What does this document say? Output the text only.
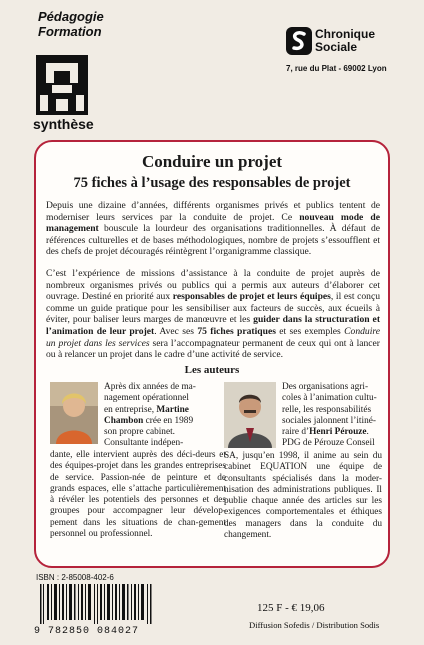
Pédagogie
Formation
synthèse
Chronique
Sociale
7, rue du Plat - 69002 Lyon
Conduire un projet
75 fiches à l’usage des responsables de projet

Depuis une dizaine d’années, différents organismes privés et publics tentent de moderniser leurs services par la conduite de projet. Ce nouveau mode de management bouscule la lourdeur des organisations traditionnelles. À défaut de références culturelles et de bases méthodologiques, nombre de projets s’essoufflent et des chefs de projet découragés réintègrent l’organigramme classique.

C’est l’expérience de missions d’assistance à la conduite de projet auprès de nombreux organismes privés ou publics qui a permis aux auteurs d’élaborer cet ouvrage. Destiné en priorité aux responsables de projet et leurs équipes, il est conçu comme un guide pratique pour les sensibiliser aux facteurs de succès, aux écueils à éviter, pour baliser leurs marges de manœuvre et les guider dans la structuration et l’animation de leur projet. Avec ses 75 fiches pratiques et ses exemples Conduire un projet dans les services sera l’accompagnateur permanent de ceux qui ont à lancer ou à relancer un projet dans le cadre d’une activité de service.

Les auteurs
Après dix années de ma-
nagement opérationnel
en entreprise, Martine
Chambon crée en 1989
son propre cabinet.
Consultante indépen-

dante, elle intervient auprès des déci-deurs et des équipes-projet dans les grandes entreprises de service. Passion-née de peinture et de grands espaces, elle s’attache particulièrement à révéler les potentiels des personnes et des groupes pour accompagner leur dévelop-pement dans les situations de chan-gement personnel ou professionnel.

Des organisations agri-
coles à l’animation cultu-
relle, les responsabilités
sociales jalonnent l’itiné-
raire d’Henri Pérouze.
PDG de Pérouze Conseil

SA, jusqu’en 1998, il anime au sein du cabinet EQUATION une équipe de consultants spécialisés dans la moder-nisation des administrations publiques. Il publie chaque année des articles sur les exigences comportementales et éthiques des managers dans la conduite du changement.

ISBN : 2-85008-402-6
9 782850 084027
125 F - € 19,06
Diffusion Sofedis / Distribution Sodis
